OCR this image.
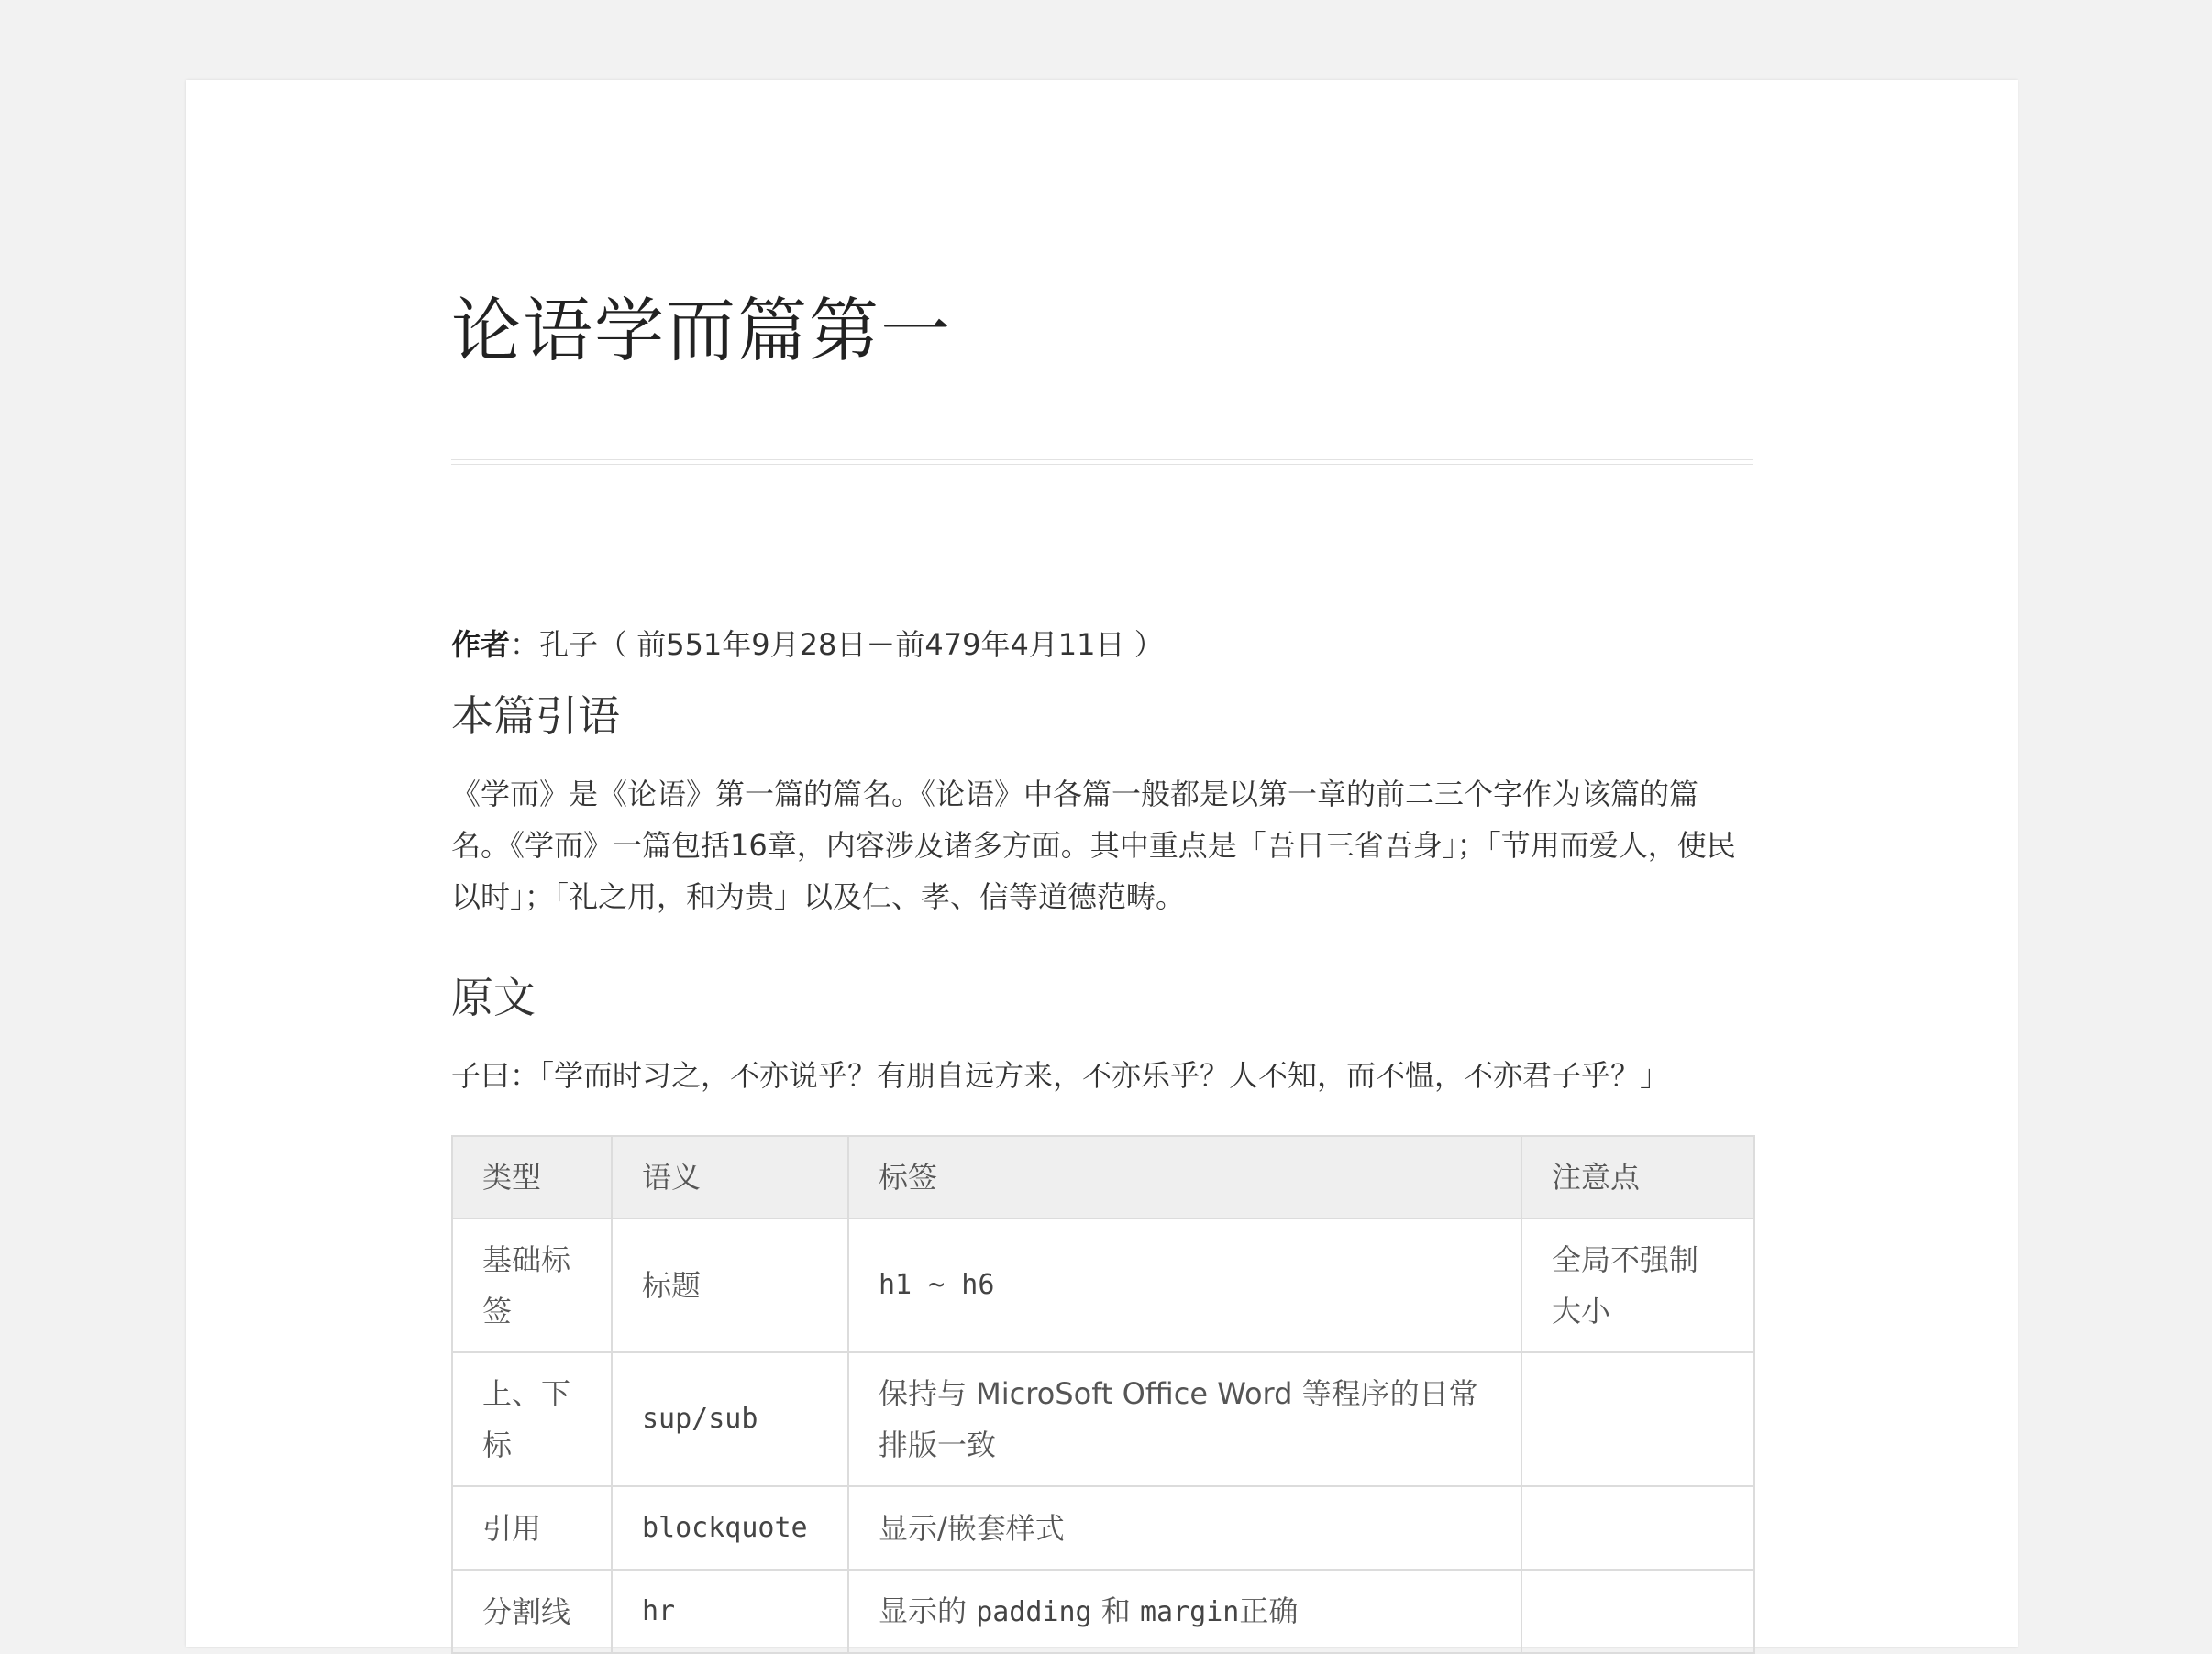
论语学而篇第一

作者：孔子（ 前551年9月28日－前479年4月11日 ）

本篇引语

《学而》是《论语》第一篇的篇名。《论语》中各篇一般都是以第一章的前二三个字作为该篇的篇名。《学而》一篇包括16章，内容涉及诸多方面。其中重点是「吾日三省吾身」；「节用而爱人，使民以时」；「礼之用，和为贵」以及仁、孝、信等道德范畴。

原文

子曰：「学而时习之，不亦说乎？有朋自远方来，不亦乐乎？人不知，而不愠，不亦君子乎？」

类型	语义	标签	注意点
基础标签	标题	h1 ~ h6	全局不强制大小
上、下标	sup/sub	保持与 MicroSoft Office Word 等程序的日常排版一致	
引用	blockquote	显示/嵌套样式	
分割线	hr	显示的 padding 和 margin正确	
